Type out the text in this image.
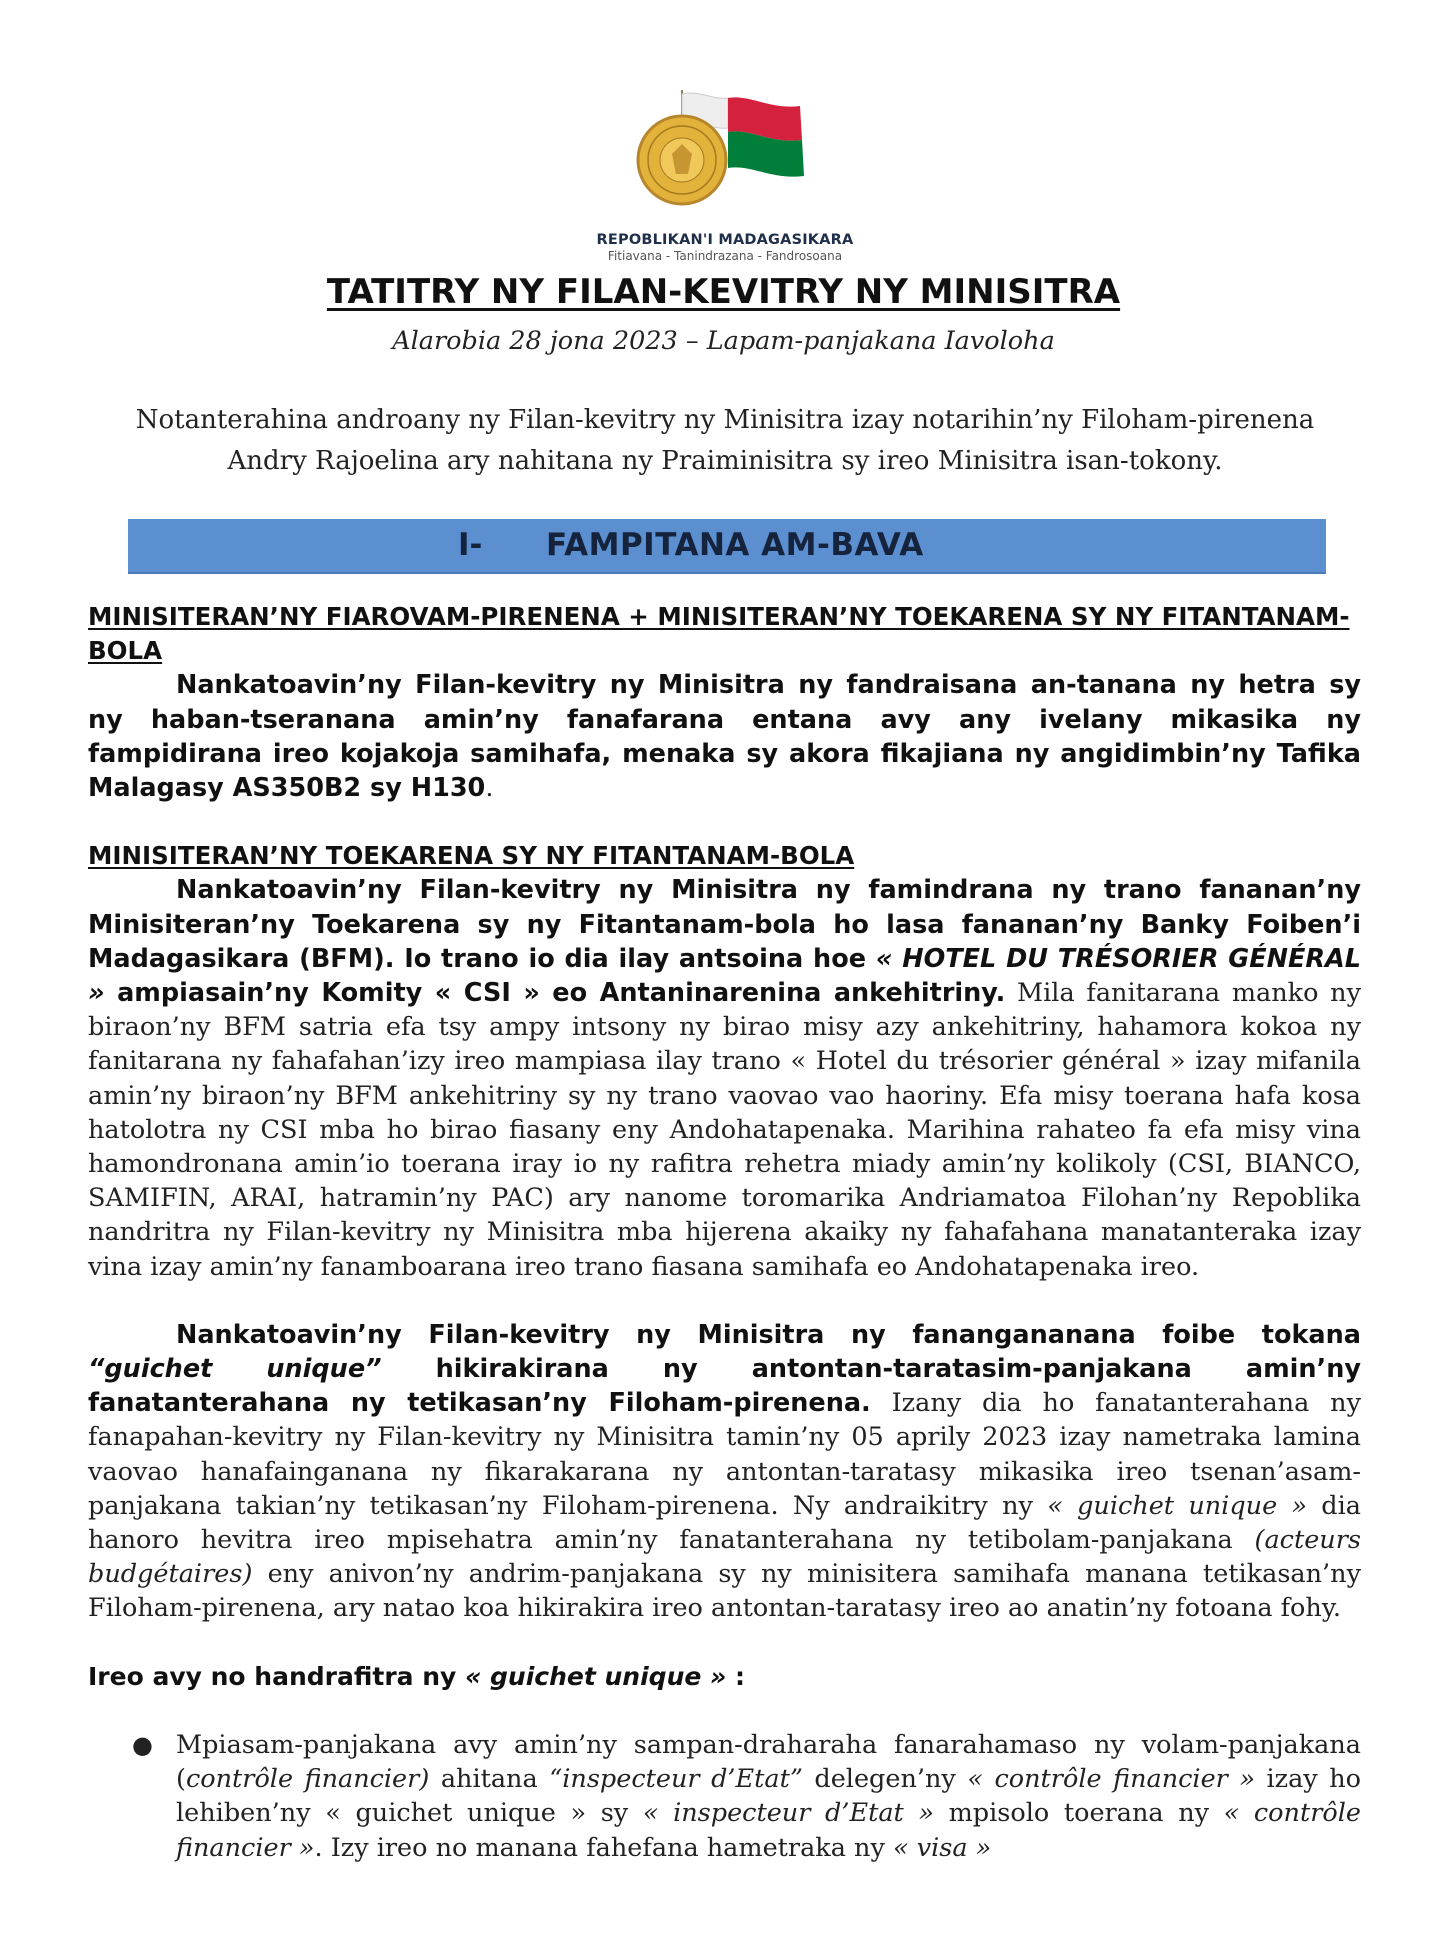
REPOBLIKAN'I MADAGASIKARA
Fitiavana - Tanindrazana - Fandrosoana
TATITRY NY FILAN-KEVITRY NY MINISITRA
Alarobia 28 jona 2023 – Lapam-panjakana Iavoloha
Notanterahina androany ny Filan-kevitry ny Minisitra izay notarihin’ny Filoham-pirenena Andry Rajoelina ary nahitana ny Praiminisitra sy ireo Minisitra isan-tokony.
I- FAMPITANA AM-BAVA

MINISITERAN’NY FIAROVAM-PIRENENA + MINISITERAN’NY TOEKARENA SY NY FITANTANAM-BOLA

Nankatoavin’ny Filan-kevitry ny Minisitra ny fandraisana an-tanana ny hetra sy ny haban-tseranana amin’ny fanafarana entana avy any ivelany mikasika ny fampidirana ireo kojakoja samihafa, menaka sy akora fikajiana ny angidimbin’ny Tafika Malagasy AS350B2 sy H130.

MINISITERAN’NY TOEKARENA SY NY FITANTANAM-BOLA

Nankatoavin’ny Filan-kevitry ny Minisitra ny famindrana ny trano fananan’ny Minisiteran’ny Toekarena sy ny Fitantanam-bola ho lasa fananan’ny Banky Foiben’i Madagasikara (BFM). Io trano io dia ilay antsoina hoe « HOTEL DU TRÉSORIER GÉNÉRAL » ampiasain’ny Komity « CSI » eo Antaninarenina ankehitriny. Mila fanitarana manko ny biraon’ny BFM satria efa tsy ampy intsony ny birao misy azy ankehitriny, hahamora kokoa ny fanitarana ny fahafahan’izy ireo mampiasa ilay trano « Hotel du trésorier général » izay mifanila amin’ny biraon’ny BFM ankehitriny sy ny trano vaovao vao haoriny. Efa misy toerana hafa kosa hatolotra ny CSI mba ho birao fiasany eny Andohatapenaka. Marihina rahateo fa efa misy vina hamondronana amin’io toerana iray io ny rafitra rehetra miady amin’ny kolikoly (CSI, BIANCO, SAMIFIN, ARAI, hatramin’ny PAC) ary nanome toromarika Andriamatoa Filohan’ny Repoblika nandritra ny Filan-kevitry ny Minisitra mba hijerena akaiky ny fahafahana manatanteraka izay vina izay amin’ny fanamboarana ireo trano fiasana samihafa eo Andohatapenaka ireo.

Nankatoavin’ny Filan-kevitry ny Minisitra ny fanangananana foibe tokana “guichet unique” hikirakirana ny antontan-taratasim-panjakana amin’ny fanatanterahana ny tetikasan’ny Filoham-pirenena. Izany dia ho fanatanterahana ny fanapahan-kevitry ny Filan-kevitry ny Minisitra tamin’ny 05 aprily 2023 izay nametraka lamina vaovao hanafainganana ny fikarakarana ny antontan-taratasy mikasika ireo tsenan’asam-panjakana takian’ny tetikasan’ny Filoham-pirenena. Ny andraikitry ny « guichet unique » dia hanoro hevitra ireo mpisehatra amin’ny fanatanterahana ny tetibolam-panjakana (acteurs budgétaires) eny anivon’ny andrim-panjakana sy ny minisitera samihafa manana tetikasan’ny Filoham-pirenena, ary natao koa hikirakira ireo antontan-taratasy ireo ao anatin’ny fotoana fohy.

Ireo avy no handrafitra ny « guichet unique » :

● Mpiasam-panjakana avy amin’ny sampan-draharaha fanarahamaso ny volam-panjakana (contrôle financier) ahitana “inspecteur d’Etat” delegen’ny « contrôle financier » izay ho lehiben’ny « guichet unique » sy « inspecteur d’Etat » mpisolo toerana ny « contrôle financier ». Izy ireo no manana fahefana hametraka ny « visa »
